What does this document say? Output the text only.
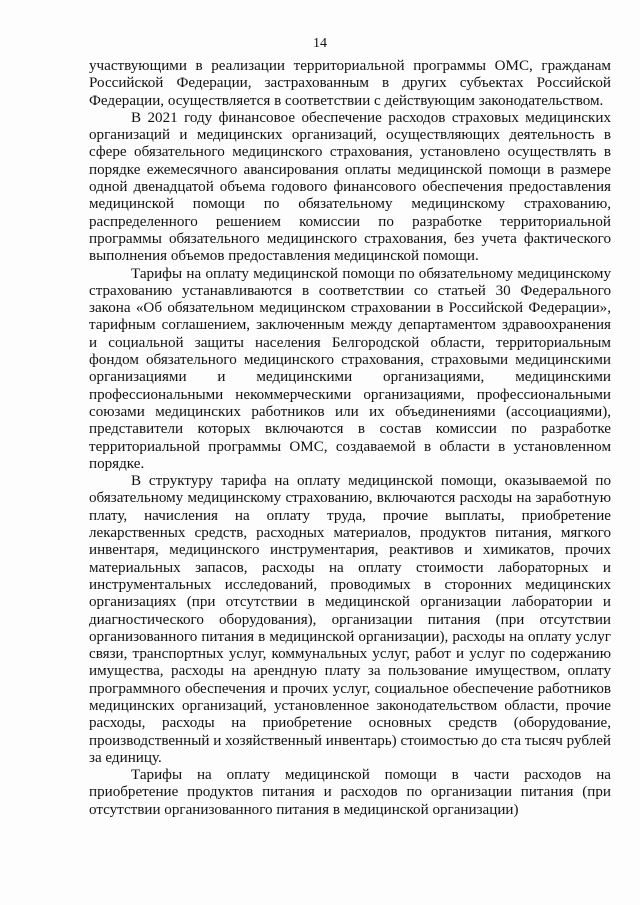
14

участвующими в реализации территориальной программы ОМС, гражданам Российской Федерации, застрахованным в других субъектах Российской Федерации, осуществляется в соответствии с действующим законодательством.

В 2021 году финансовое обеспечение расходов страховых медицинских организаций и медицинских организаций, осуществляющих деятельность в сфере обязательного медицинского страхования, установлено осуществлять в порядке ежемесячного авансирования оплаты медицинской помощи в размере одной двенадцатой объема годового финансового обеспечения предоставления медицинской помощи по обязательному медицинскому страхованию, распределенного решением комиссии по разработке территориальной программы обязательного медицинского страхования, без учета фактического выполнения объемов предоставления медицинской помощи.

Тарифы на оплату медицинской помощи по обязательному медицинскому страхованию устанавливаются в соответствии со статьей 30 Федерального закона «Об обязательном медицинском страховании в Российской Федерации», тарифным соглашением, заключенным между департаментом здравоохранения и социальной защиты населения Белгородской области, территориальным фондом обязательного медицинского страхования, страховыми медицинскими организациями и медицинскими организациями, медицинскими профессиональными некоммерческими организациями, профессиональными союзами медицинских работников или их объединениями (ассоциациями), представители которых включаются в состав комиссии по разработке территориальной программы ОМС, создаваемой в области в установленном порядке.

В структуру тарифа на оплату медицинской помощи, оказываемой по обязательному медицинскому страхованию, включаются расходы на заработную плату, начисления на оплату труда, прочие выплаты, приобретение лекарственных средств, расходных материалов, продуктов питания, мягкого инвентаря, медицинского инструментария, реактивов и химикатов, прочих материальных запасов, расходы на оплату стоимости лабораторных и инструментальных исследований, проводимых в сторонних медицинских организациях (при отсутствии в медицинской организации лаборатории и диагностического оборудования), организации питания (при отсутствии организованного питания в медицинской организации), расходы на оплату услуг связи, транспортных услуг, коммунальных услуг, работ и услуг по содержанию имущества, расходы на арендную плату за пользование имуществом, оплату программного обеспечения и прочих услуг, социальное обеспечение работников медицинских организаций, установленное законодательством области, прочие расходы, расходы на приобретение основных средств (оборудование, производственный и хозяйственный инвентарь) стоимостью до ста тысяч рублей за единицу.

Тарифы на оплату медицинской помощи в части расходов на приобретение продуктов питания и расходов по организации питания (при отсутствии организованного питания в медицинской организации)
